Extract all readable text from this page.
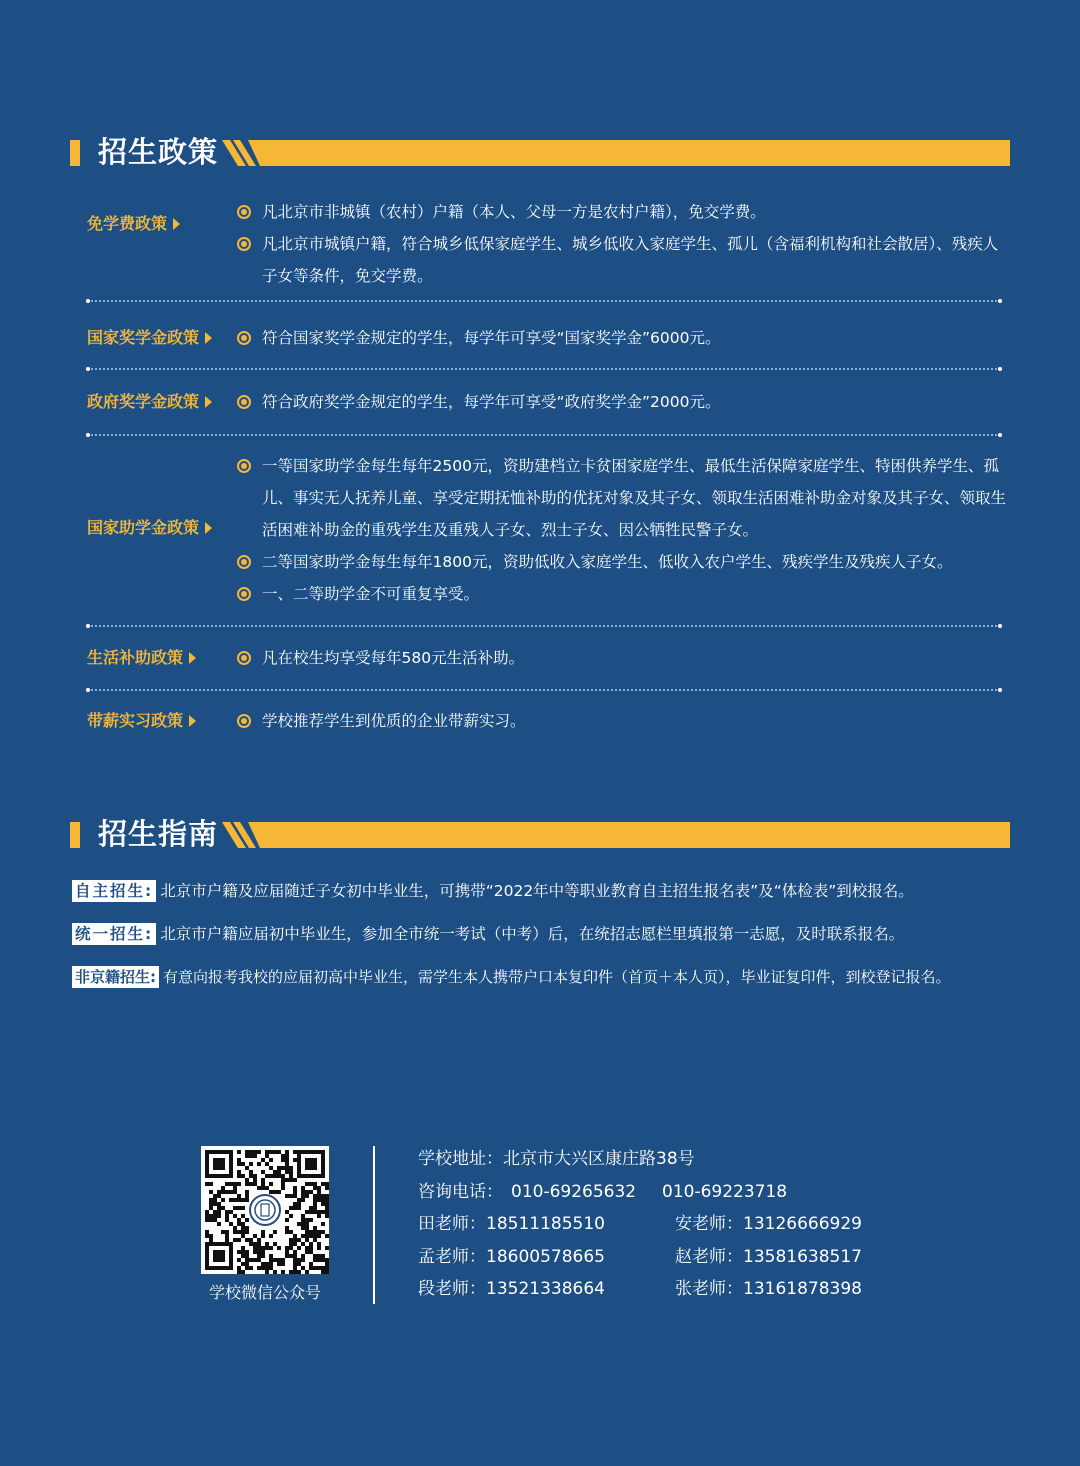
招生政策
免学费政策
凡北京市非城镇（农村）户籍（本人、父母一方是农村户籍），免交学费。
凡北京市城镇户籍，符合城乡低保家庭学生、城乡低收入家庭学生、孤儿（含福利机构和社会散居）、残疾人子女等条件，免交学费。
国家奖学金政策	符合国家奖学金规定的学生，每学年可享受“国家奖学金”6000元。
政府奖学金政策	符合政府奖学金规定的学生，每学年可享受“政府奖学金”2000元。
国家助学金政策
一等国家助学金每生每年2500元，资助建档立卡贫困家庭学生、最低生活保障家庭学生、特困供养学生、孤儿、事实无人抚养儿童、享受定期抚恤补助的优抚对象及其子女、领取生活困难补助金对象及其子女、领取生活困难补助金的重残学生及重残人子女、烈士子女、因公牺牲民警子女。
二等国家助学金每生每年1800元，资助低收入家庭学生、低收入农户学生、残疾学生及残疾人子女。
一、二等助学金不可重复享受。
生活补助政策	凡在校生均享受每年580元生活补助。
带薪实习政策	学校推荐学生到优质的企业带薪实习。
招生指南
自主招生: 北京市户籍及应届随迁子女初中毕业生，可携带“2022年中等职业教育自主招生报名表”及“体检表”到校报名。
统一招生: 北京市户籍应届初中毕业生，参加全市统一考试（中考）后，在统招志愿栏里填报第一志愿，及时联系报名。
非京籍招生: 有意向报考我校的应届初高中毕业生，需学生本人携带户口本复印件（首页＋本人页），毕业证复印件，到校登记报名。
学校微信公众号
学校地址：北京市大兴区康庄路38号
咨询电话： 010-69265632 010-69223718
田老师：18511185510	安老师：13126666929
孟老师：18600578665	赵老师：13581638517
段老师：13521338664	张老师：13161878398
